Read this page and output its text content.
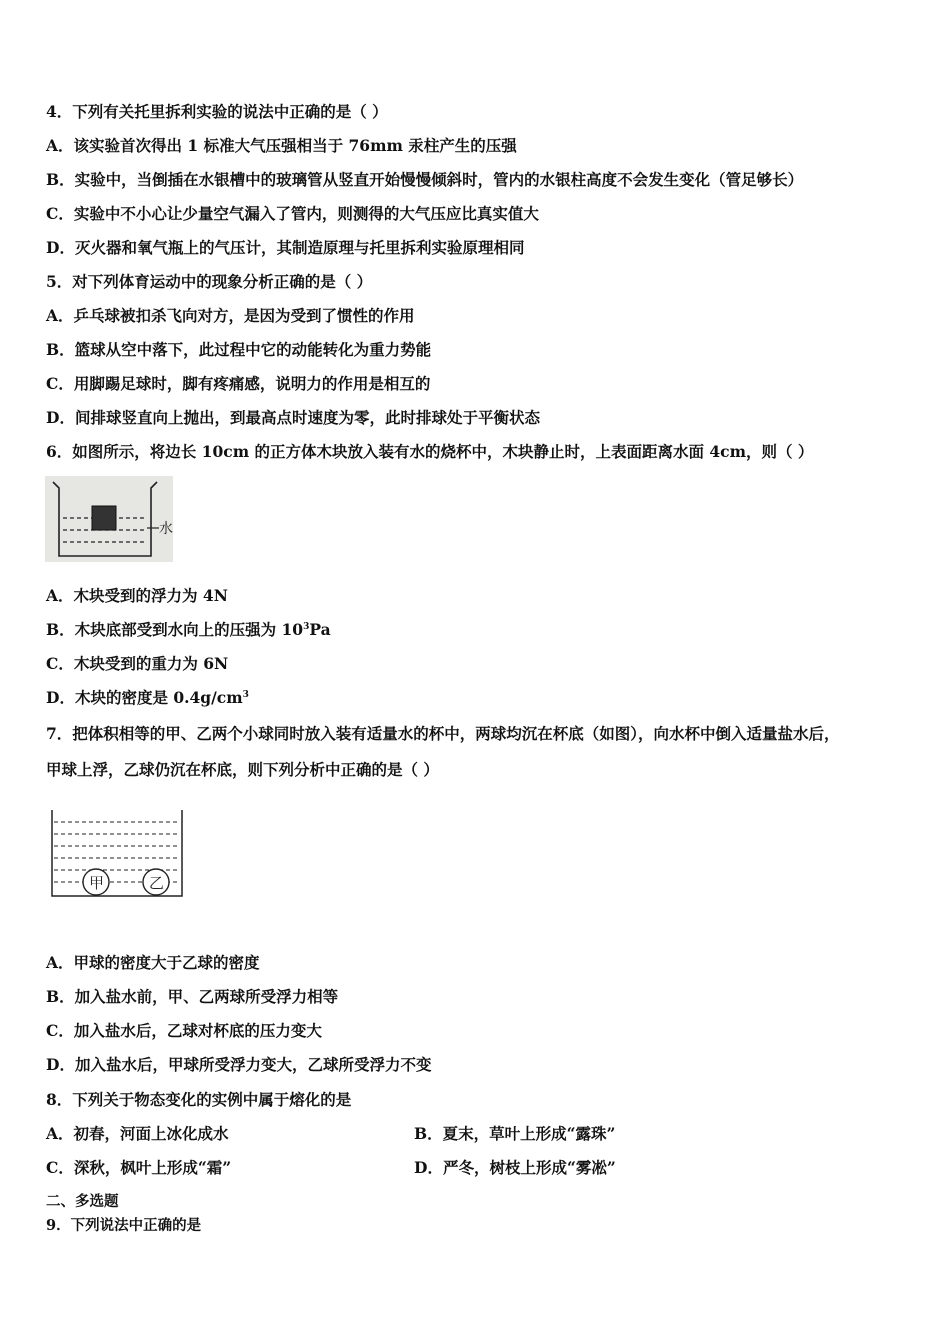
4．下列有关托里拆利实验的说法中正确的是（ ）
A．该实验首次得出 1 标准大气压强相当于 76mm 汞柱产生的压强
B．实验中，当倒插在水银槽中的玻璃管从竖直开始慢慢倾斜时，管内的水银柱高度不会发生变化（管足够长）
C．实验中不小心让少量空气漏入了管内，则测得的大气压应比真实值大
D．灭火器和氧气瓶上的气压计，其制造原理与托里拆利实验原理相同
5．对下列体育运动中的现象分析正确的是（ ）
A．乒乓球被扣杀飞向对方，是因为受到了惯性的作用
B．篮球从空中落下，此过程中它的动能转化为重力势能
C．用脚踢足球时，脚有疼痛感，说明力的作用是相互的
D．间排球竖直向上抛出，到最高点时速度为零，此时排球处于平衡状态
6．如图所示，将边长 10cm 的正方体木块放入装有水的烧杯中，木块静止时，上表面距离水面 4cm，则（ ）
水
A．木块受到的浮力为 4N
B．木块底部受到水向上的压强为 $10^3Pa$
C．木块受到的重力为 6N
D．木块的密度是 $0.4g/cm^3$
7．把体积相等的甲、乙两个小球同时放入装有适量水的杯中，两球均沉在杯底（如图），向水杯中倒入适量盐水后，
甲球上浮，乙球仍沉在杯底，则下列分析中正确的是（ ）
甲	乙
A．甲球的密度大于乙球的密度
B．加入盐水前，甲、乙两球所受浮力相等
C．加入盐水后，乙球对杯底的压力变大
D．加入盐水后，甲球所受浮力变大，乙球所受浮力不变
8．下列关于物态变化的实例中属于熔化的是
A．初春，河面上冰化成水	B．夏末，草叶上形成“露珠”
C．深秋，枫叶上形成“霜”	D．严冬，树枝上形成“雾凇”
二、多选题
9．下列说法中正确的是
